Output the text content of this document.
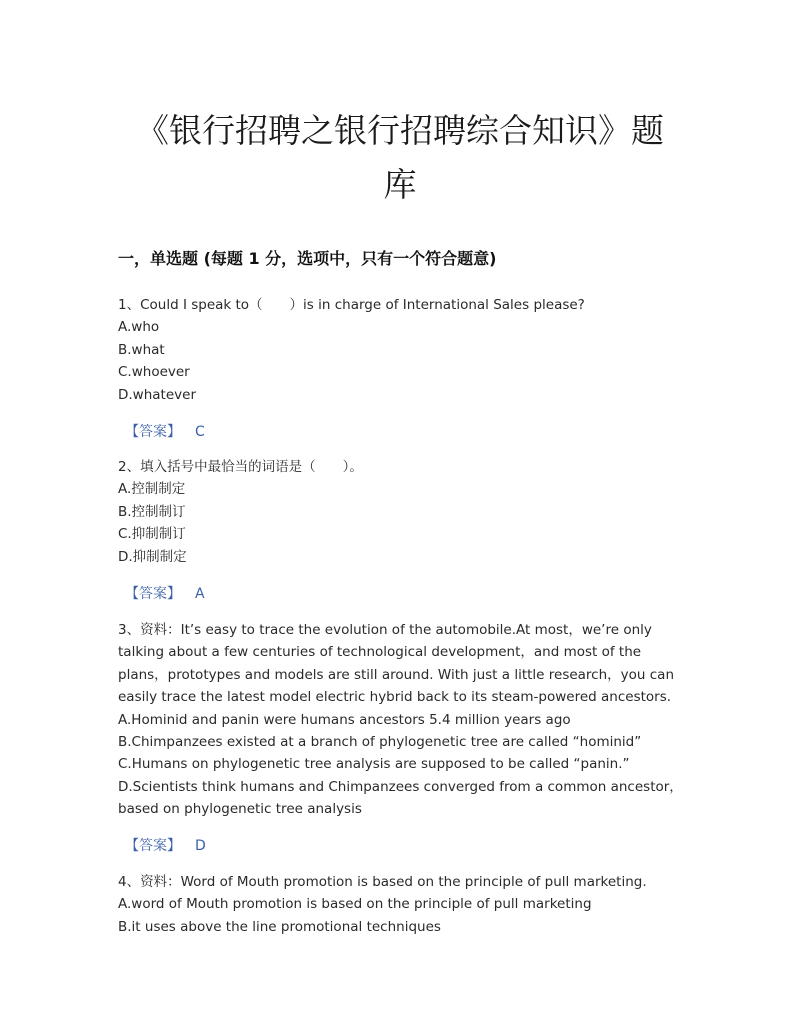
《银行招聘之银行招聘综合知识》题
库
一，单选题 (每题 1 分，选项中，只有一个符合题意)
1、Could I speak to（　　）is in charge of International Sales please?
A.who
B.what
C.whoever
D.whatever
【答案】 C
2、填入括号中最恰当的词语是（　　）。
A.控制制定
B.控制制订
C.抑制制订
D.抑制制定
【答案】 A
3、资料：It’s easy to trace the evolution of the automobile.At most，we’re only talking about a few centuries of technological development，and most of the plans，prototypes and models are still around. With just a little research，you can easily trace the latest model electric hybrid back to its steam-powered ancestors.
A.Hominid and panin were humans ancestors 5.4 million years ago
B.Chimpanzees existed at a branch of phylogenetic tree are called “hominid”
C.Humans on phylogenetic tree analysis are supposed to be called “panin.”
D.Scientists think humans and Chimpanzees converged from a common ancestor，based on phylogenetic tree analysis
【答案】 D
4、资料：Word of Mouth promotion is based on the principle of pull marketing.
A.word of Mouth promotion is based on the principle of pull marketing
B.it uses above the line promotional techniques
